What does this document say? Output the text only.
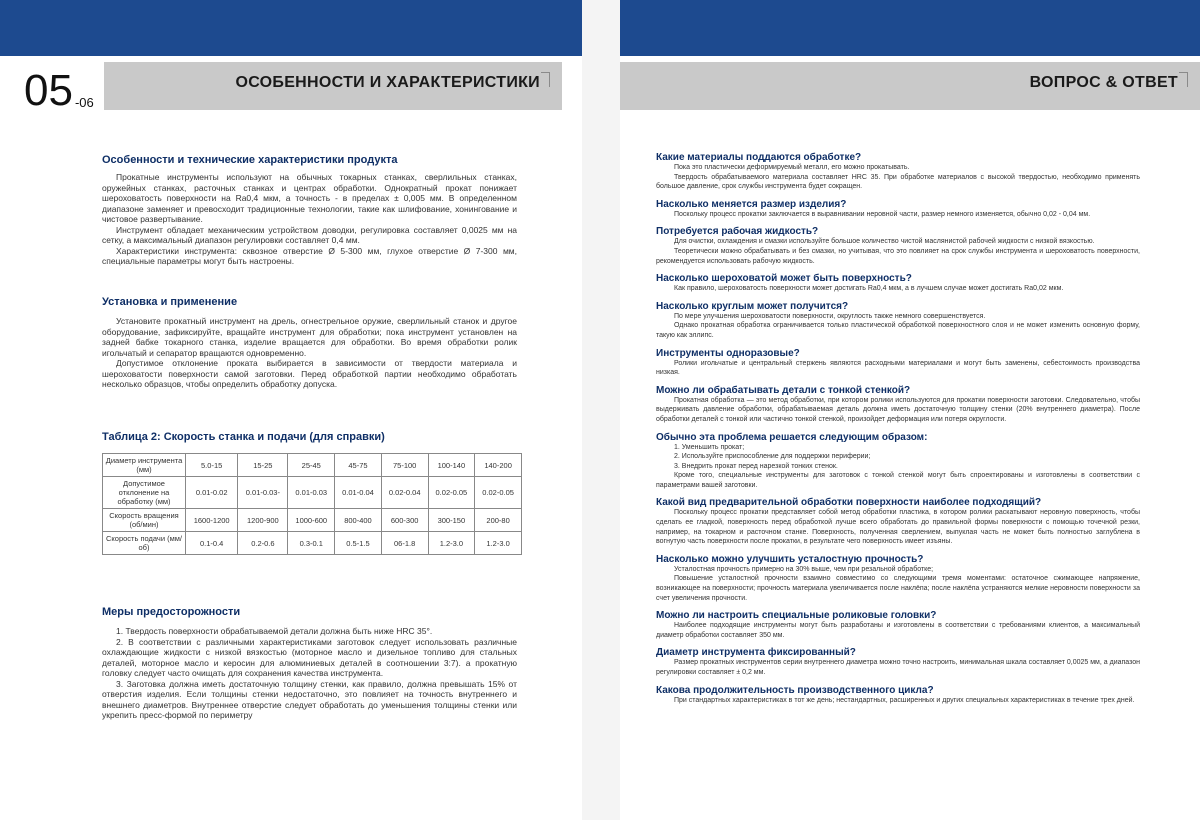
05 -06
ОСОБЕННОСТИ И ХАРАКТЕРИСТИКИ
Особенности и технические характеристики продукта

Прокатные инструменты используют на обычных токарных станках, сверлильных станках, оружейных станках, расточных станках и центрах обработки. Однократный прокат понижает шероховатость поверхности на Ra0,4 мкм, а точность - в пределах ± 0,005 мм. В определенном диапазоне заменяет и превосходит традиционные технологии, такие как шлифование, хонингование и чистовое развертывание.

Инструмент обладает механическим устройством доводки, регулировка составляет 0,0025 мм на сетку, а максимальный диапазон регулировки составляет 0,4 мм.

Характеристики инструмента: сквозное отверстие Ø 5-300 мм, глухое отверстие Ø 7-300 мм, специальные параметры могут быть настроены.

Установка и применение

Установите прокатный инструмент на дрель, огнестрельное оружие, сверлильный станок и другое оборудование, зафиксируйте, вращайте инструмент для обработки; пока инструмент установлен на задней бабке токарного станка, изделие вращается для обработки. Во время обработки ролик игольчатый и сепаратор вращаются одновременно.

Допустимое отклонение проката выбирается в зависимости от твердости материала и шероховатости поверхности самой заготовки. Перед обработкой партии необходимо обработать несколько образцов, чтобы определить обработку допуска.

Таблица 2: Скорость станка и подачи (для справки)
Диаметр инструмента (мм)	5.0-15	15-25	25-45	45-75	75-100	100-140	140-200
Допустимое отклонение на обработку (мм)	0.01-0.02	0.01-0.03-	0.01-0.03	0.01-0.04	0.02-0.04	0.02-0.05	0.02-0.05
Скорость вращения (об/мин)	1600-1200	1200-900	1000-600	800-400	600-300	300-150	200-80
Скорость подачи (мм/об)	0.1-0.4	0.2-0.6	0.3-0.1	0.5-1.5	06-1.8	1.2-3.0	1.2-3.0
Меры предосторожности

1. Твердость поверхности обрабатываемой детали должна быть ниже HRC 35°.

2. В соответствии с различными характеристиками заготовок следует использовать различные охлаждающие жидкости с низкой вязкостью (моторное масло и дизельное топливо для стальных деталей, моторное масло и керосин для алюминиевых деталей в соотношении 3:7). а прокатную головку следует часто очищать для сохранения качества инструмента.

3. Заготовка должна иметь достаточную толщину стенки, как правило, должна превышать 15% от отверстия изделия. Если толщины стенки недостаточно, это повлияет на точность внутреннего и внешнего диаметров. Внутреннее отверстие следует обработать до уменьшения толщины стенки или укрепить пресс-формой по периметру

ВОПРОС & ОТВЕТ

Какие материалы поддаются обработке?

Пока это пластически деформируемый металл, его можно прокатывать.

Твердость обрабатываемого материала составляет HRC 35. При обработке материалов с высокой твердостью, необходимо применять большое давление, срок службы инструмента будет сокращен.

Насколько меняется размер изделия?

Поскольку процесс прокатки заключается в выравнивании неровной части, размер немного изменяется, обычно 0,02 - 0,04 мм.

Потребуется рабочая жидкость?

Для очистки, охлаждения и смазки используйте большое количество чистой маслянистой рабочей жидкости с низкой вязкостью.

Теоретически можно обрабатывать и без смазки, но учитывая, что это повлияет на срок службы инструмента и шероховатость поверхности, рекомендуется использовать рабочую жидкость.

Насколько шероховатой может быть поверхность?

Как правило, шероховатость поверхности может достигать Ra0,4 мкм, а в лучшем случае может достигать Ra0,02 мкм.

Насколько круглым может получится?

По мере улучшения шероховатости поверхности, округлость также немного совершенствуется.

Однако прокатная обработка ограничивается только пластической обработкой поверхностного слоя и не может изменить основную форму, такую как эллипс.

Инструменты одноразовые?

Ролики игольчатые и центральный стержень являются расходными материалами и могут быть заменены, себестоимость производства низкая.

Можно ли обрабатывать детали с тонкой стенкой?

Прокатная обработка — это метод обработки, при котором ролики используются для прокатки поверхности заготовки. Следовательно, чтобы выдерживать давление обработки, обрабатываемая деталь должна иметь достаточную толщину стенки (20% внутреннего диаметра). После обработки деталей с тонкой или частично тонкой стенкой, произойдет деформация или потеря округлости.

Обычно эта проблема решается следующим образом:

1. Уменьшить прокат;

2. Используйте приспособление для поддержки периферии;

3. Внедрить прокат перед нарезкой тонких стенок.

Кроме того, специальные инструменты для заготовок с тонкой стенкой могут быть спроектированы и изготовлены в соответствии с параметрами вашей заготовки.

Какой вид предварительной обработки поверхности наиболее подходящий?

Поскольку процесс прокатки представляет собой метод обработки пластика, в котором ролики раскатывают неровную поверхность, чтобы сделать ее гладкой, поверхность перед обработкой лучше всего обработать до правильной формы поверхности с помощью точечной резки, например, на токарном и расточном станке. Поверхность, полученная сверлением, выпуклая часть не может быть полностью заглублена в вогнутую часть поверхности после прокатки, в результате чего поверхность имеет изъяны.

Насколько можно улучшить усталостную прочность?

Усталостная прочность примерно на 30% выше, чем при резальной обработке;

Повышение усталостной прочности взаимно совместимо со следующими тремя моментами: остаточное сжимающее напряжение, возникающее на поверхности; прочность материала увеличивается после наклёпа; после наклёпа устраняются мелкие неровности поверхности за счет увеличения прочности.

Можно ли настроить специальные роликовые головки?

Наиболее подходящие инструменты могут быть разработаны и изготовлены в соответствии с требованиями клиентов, а максимальный диаметр обработки составляет 350 мм.

Диаметр инструмента фиксированный?

Размер прокатных инструментов серии внутреннего диаметра можно точно настроить, минимальная шкала составляет 0,0025 мм, а диапазон регулировки составляет ± 0,2 мм.

Какова продолжительность производственного цикла?

При стандартных характеристиках в тот же день; нестандартных, расширенных и других специальных характеристиках в течение трех дней.
